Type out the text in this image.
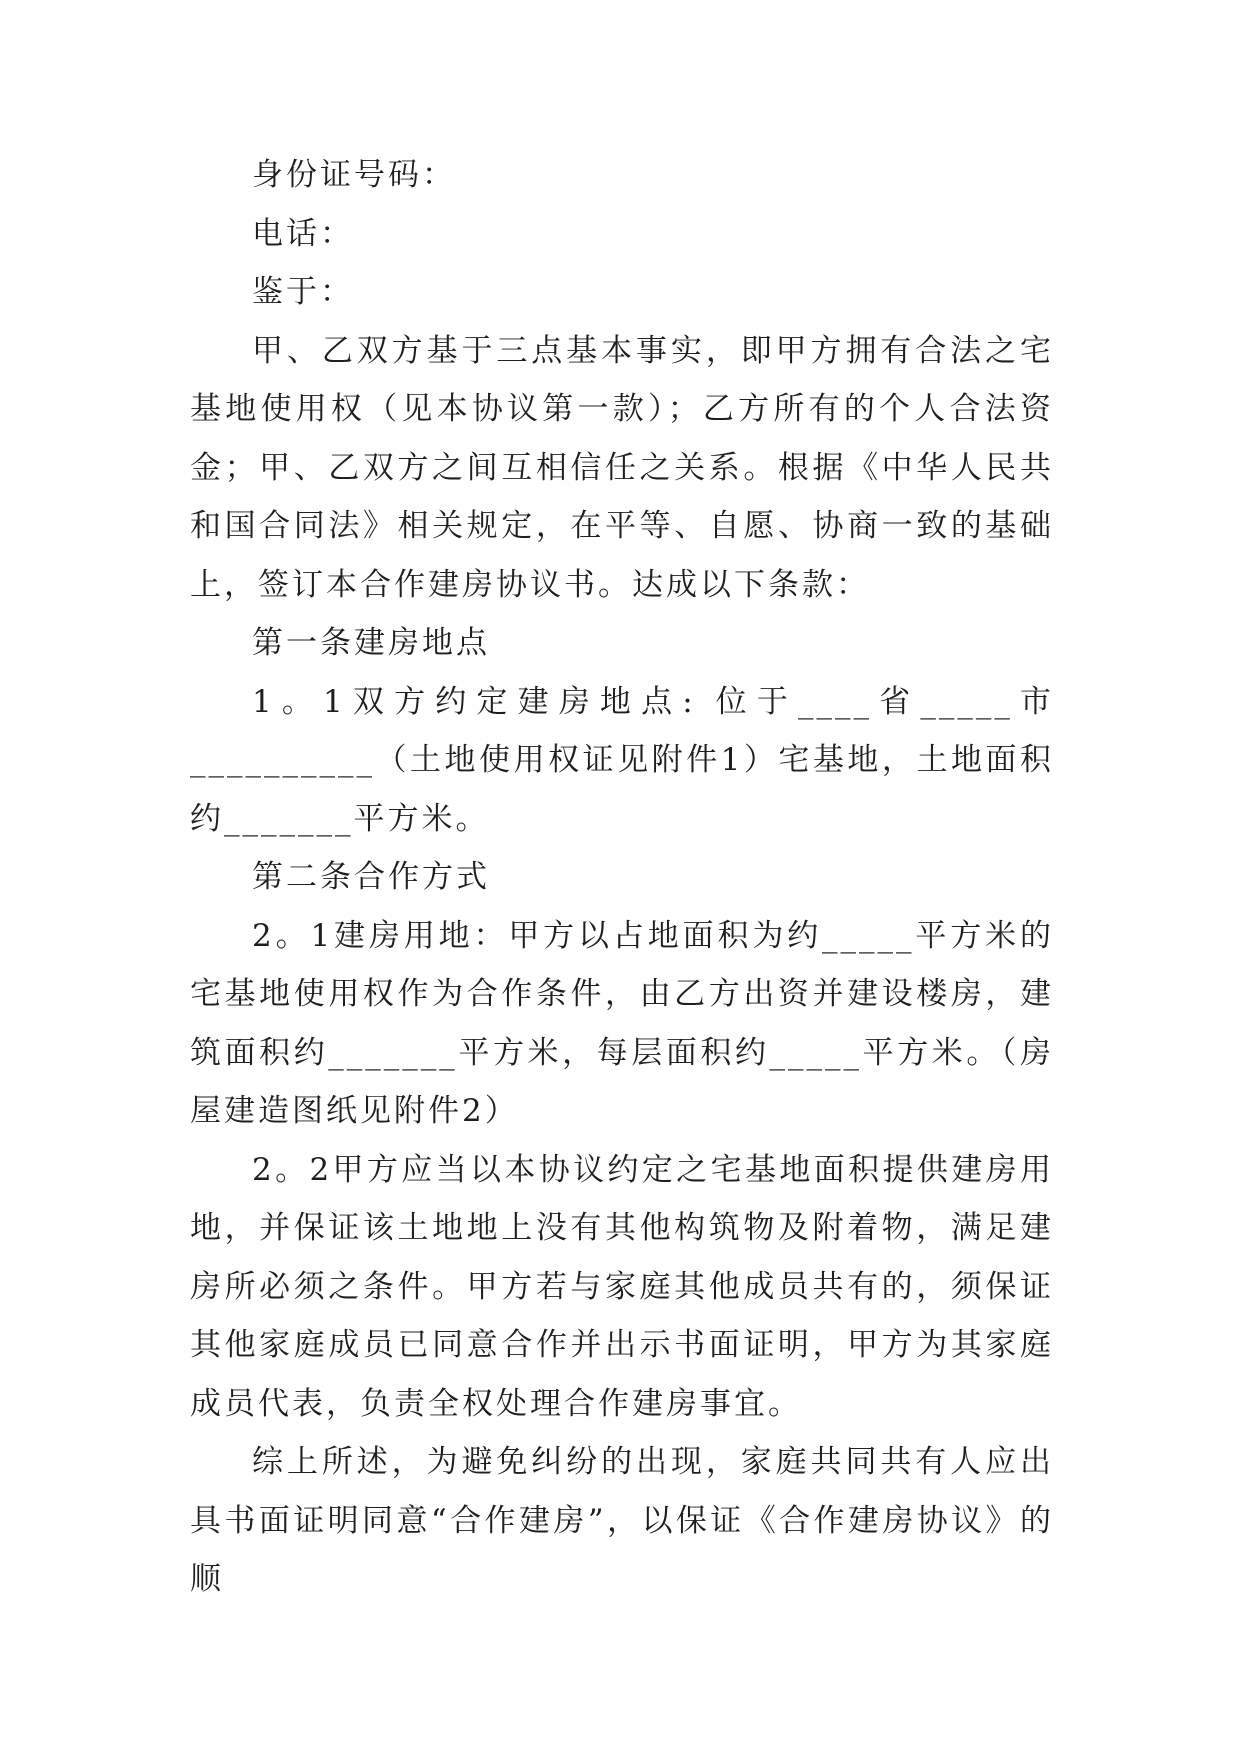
身份证号码：

电话：

鉴于：

甲、乙双方基于三点基本事实，即甲方拥有合法之宅基地使用权（见本协议第一款）；乙方所有的个人合法资金；甲、乙双方之间互相信任之关系。根据《中华人民共和国合同法》相关规定，在平等、自愿、协商一致的基础上，签订本合作建房协议书。达成以下条款：

第一条建房地点

1。1双方约定建房地点: 位于____省_____市__________（土地使用权证见附件1）宅基地，土地面积约_______平方米。

第二条合作方式

2。1建房用地：甲方以占地面积为约_____平方米的宅基地使用权作为合作条件，由乙方出资并建设楼房，建筑面积约_______平方米，每层面积约_____平方米。（房屋建造图纸见附件2）

2。2甲方应当以本协议约定之宅基地面积提供建房用地，并保证该土地地上没有其他构筑物及附着物，满足建房所必须之条件。甲方若与家庭其他成员共有的，须保证其他家庭成员已同意合作并出示书面证明，甲方为其家庭成员代表，负责全权处理合作建房事宜。

综上所述，为避免纠纷的出现，家庭共同共有人应出具书面证明同意“合作建房”，以保证《合作建房协议》的顺
